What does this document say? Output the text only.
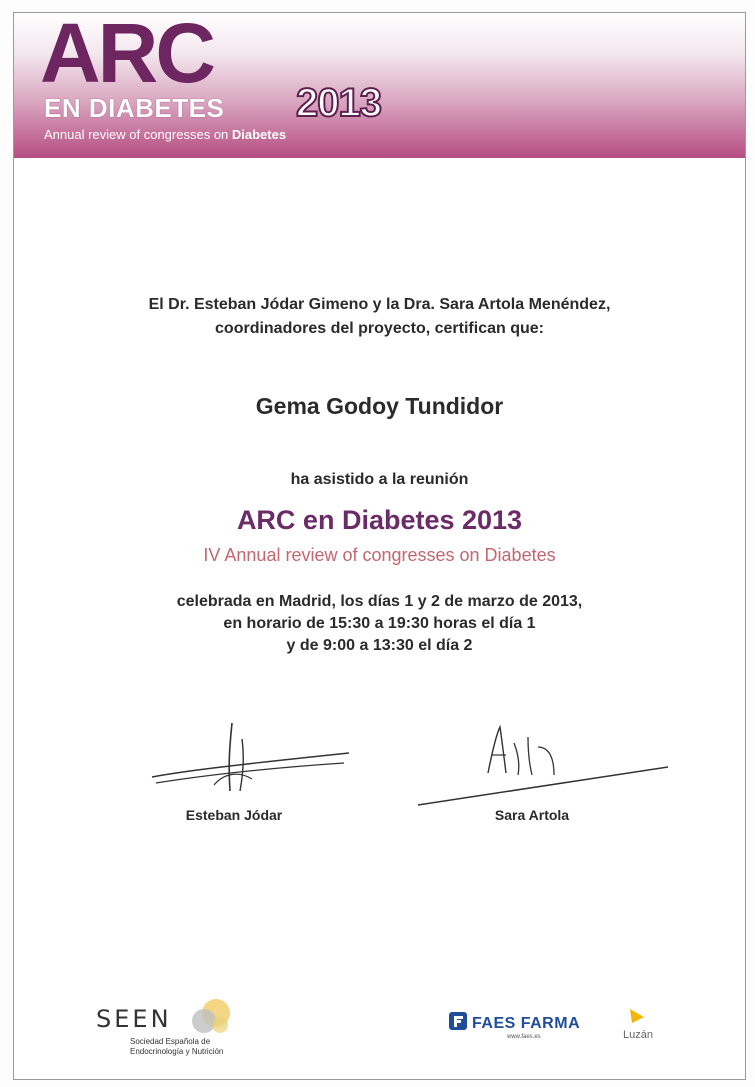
ARC
EN DIABETES 2013
Annual review of congresses on Diabetes
El Dr. Esteban Jódar Gimeno y la Dra. Sara Artola Menéndez,
coordinadores del proyecto, certifican que:
Gema Godoy Tundidor
ha asistido a la reunión
ARC en Diabetes 2013
IV Annual review of congresses on Diabetes
celebrada en Madrid, los días 1 y 2 de marzo de 2013,
en horario de 15:30 a 19:30 horas el día 1
y de 9:00 a 13:30 el día 2
Esteban Jódar	Sara Artola
SEEN
Sociedad Española de
Endocrinología y Nutrición
FAES FARMA
www.faes.es	Luzán
